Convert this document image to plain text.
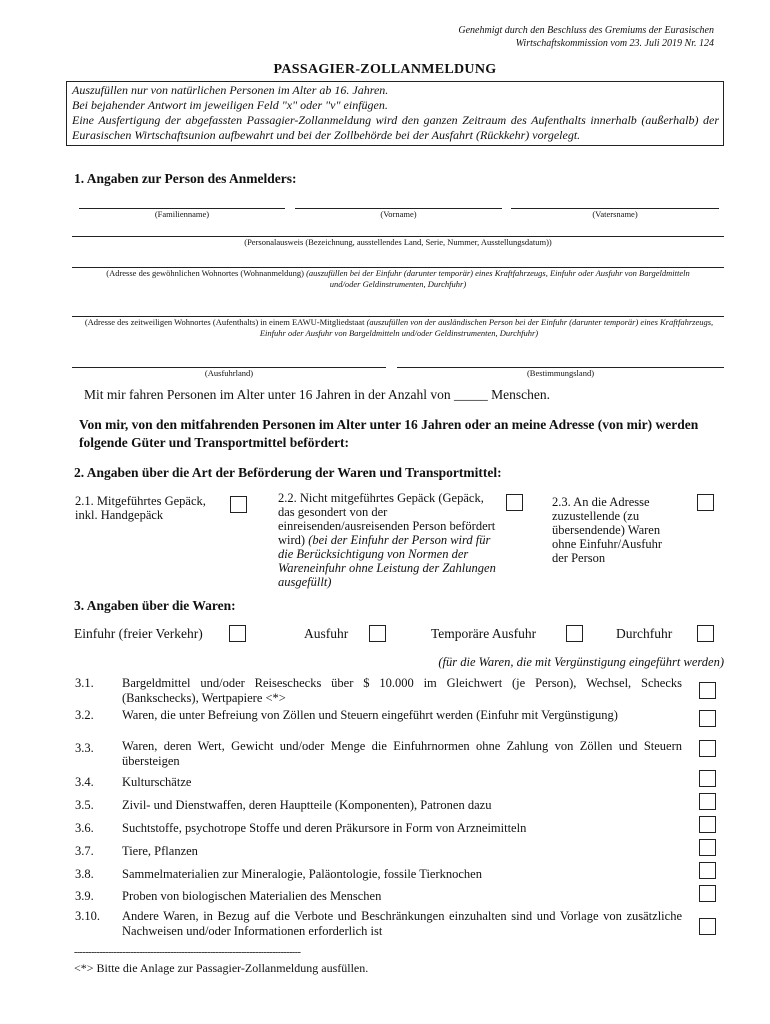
Genehmigt durch den Beschluss des Gremiums der Eurasischen
Wirtschaftskommission vom 23. Juli 2019 Nr. 124
PASSAGIER-ZOLLANMELDUNG
Auszufüllen nur von natürlichen Personen im Alter ab 16. Jahren.
Bei bejahender Antwort im jeweiligen Feld "x" oder "v" einfügen.
Eine Ausfertigung der abgefassten Passagier-Zollanmeldung wird den ganzen Zeitraum des Aufenthalts innerhalb (außerhalb) der Eurasischen Wirtschaftsunion aufbewahrt und bei der Zollbehörde bei der Ausfahrt (Rückkehr) vorgelegt.
1. Angaben zur Person des Anmelders:
(Familienname)	(Vorname)	(Vatersname)
(Personalausweis (Bezeichnung, ausstellendes Land, Serie, Nummer, Ausstellungsdatum))
(Adresse des gewöhnlichen Wohnortes (Wohnanmeldung) (auszufüllen bei der Einfuhr (darunter temporär) eines Kraftfahrzeugs, Einfuhr oder Ausfuhr von Bargeldmitteln und/oder Geldinstrumenten, Durchfuhr)
(Adresse des zeitweiligen Wohnortes (Aufenthalts) in einem EAWU-Mitgliedstaat (auszufüllen von der ausländischen Person bei der Einfuhr (darunter temporär) eines Kraftfahrzeugs, Einfuhr oder Ausfuhr von Bargeldmitteln und/oder Geldinstrumenten, Durchfuhr)
(Ausfuhrland)	(Bestimmungsland)
Mit mir fahren Personen im Alter unter 16 Jahren in der Anzahl von _____ Menschen.
Von mir, von den mitfahrenden Personen im Alter unter 16 Jahren oder an meine Adresse (von mir) werden folgende Güter und Transportmittel befördert:
2. Angaben über die Art der Beförderung der Waren und Transportmittel:
2.1. Mitgeführtes Gepäck, inkl. Handgepäck
2.2. Nicht mitgeführtes Gepäck (Gepäck, das gesondert von der einreisenden/ausreisenden Person befördert wird) (bei der Einfuhr der Person wird für die Berücksichtigung von Normen der Wareneinfuhr ohne Leistung der Zahlungen ausgefüllt)
2.3. An die Adresse zuzustellende (zu übersendende) Waren ohne Einfuhr/Ausfuhr der Person
3. Angaben über die Waren:
Einfuhr (freier Verkehr)	Ausfuhr	Temporäre Ausfuhr	Durchfuhr
(für die Waren, die mit Vergünstigung eingeführt werden)
3.1. Bargeldmittel und/oder Reiseschecks über $ 10.000 im Gleichwert (je Person), Wechsel, Schecks (Bankschecks), Wertpapiere <*>
3.2. Waren, die unter Befreiung von Zöllen und Steuern eingeführt werden (Einfuhr mit Vergünstigung)
3.3. Waren, deren Wert, Gewicht und/oder Menge die Einfuhrnormen ohne Zahlung von Zöllen und Steuern übersteigen
3.4. Kulturschätze
3.5. Zivil- und Dienstwaffen, deren Hauptteile (Komponenten), Patronen dazu
3.6. Suchtstoffe, psychotrope Stoffe und deren Präkursore in Form von Arzneimitteln
3.7. Tiere, Pflanzen
3.8. Sammelmaterialien zur Mineralogie, Paläontologie, fossile Tierknochen
3.9. Proben von biologischen Materialien des Menschen
3.10. Andere Waren, in Bezug auf die Verbote und Beschränkungen einzuhalten sind und Vorlage von zusätzliche Nachweisen und/oder Informationen erforderlich ist
--------------------------------------------------------------------------------
<*> Bitte die Anlage zur Passagier-Zollanmeldung ausfüllen.
